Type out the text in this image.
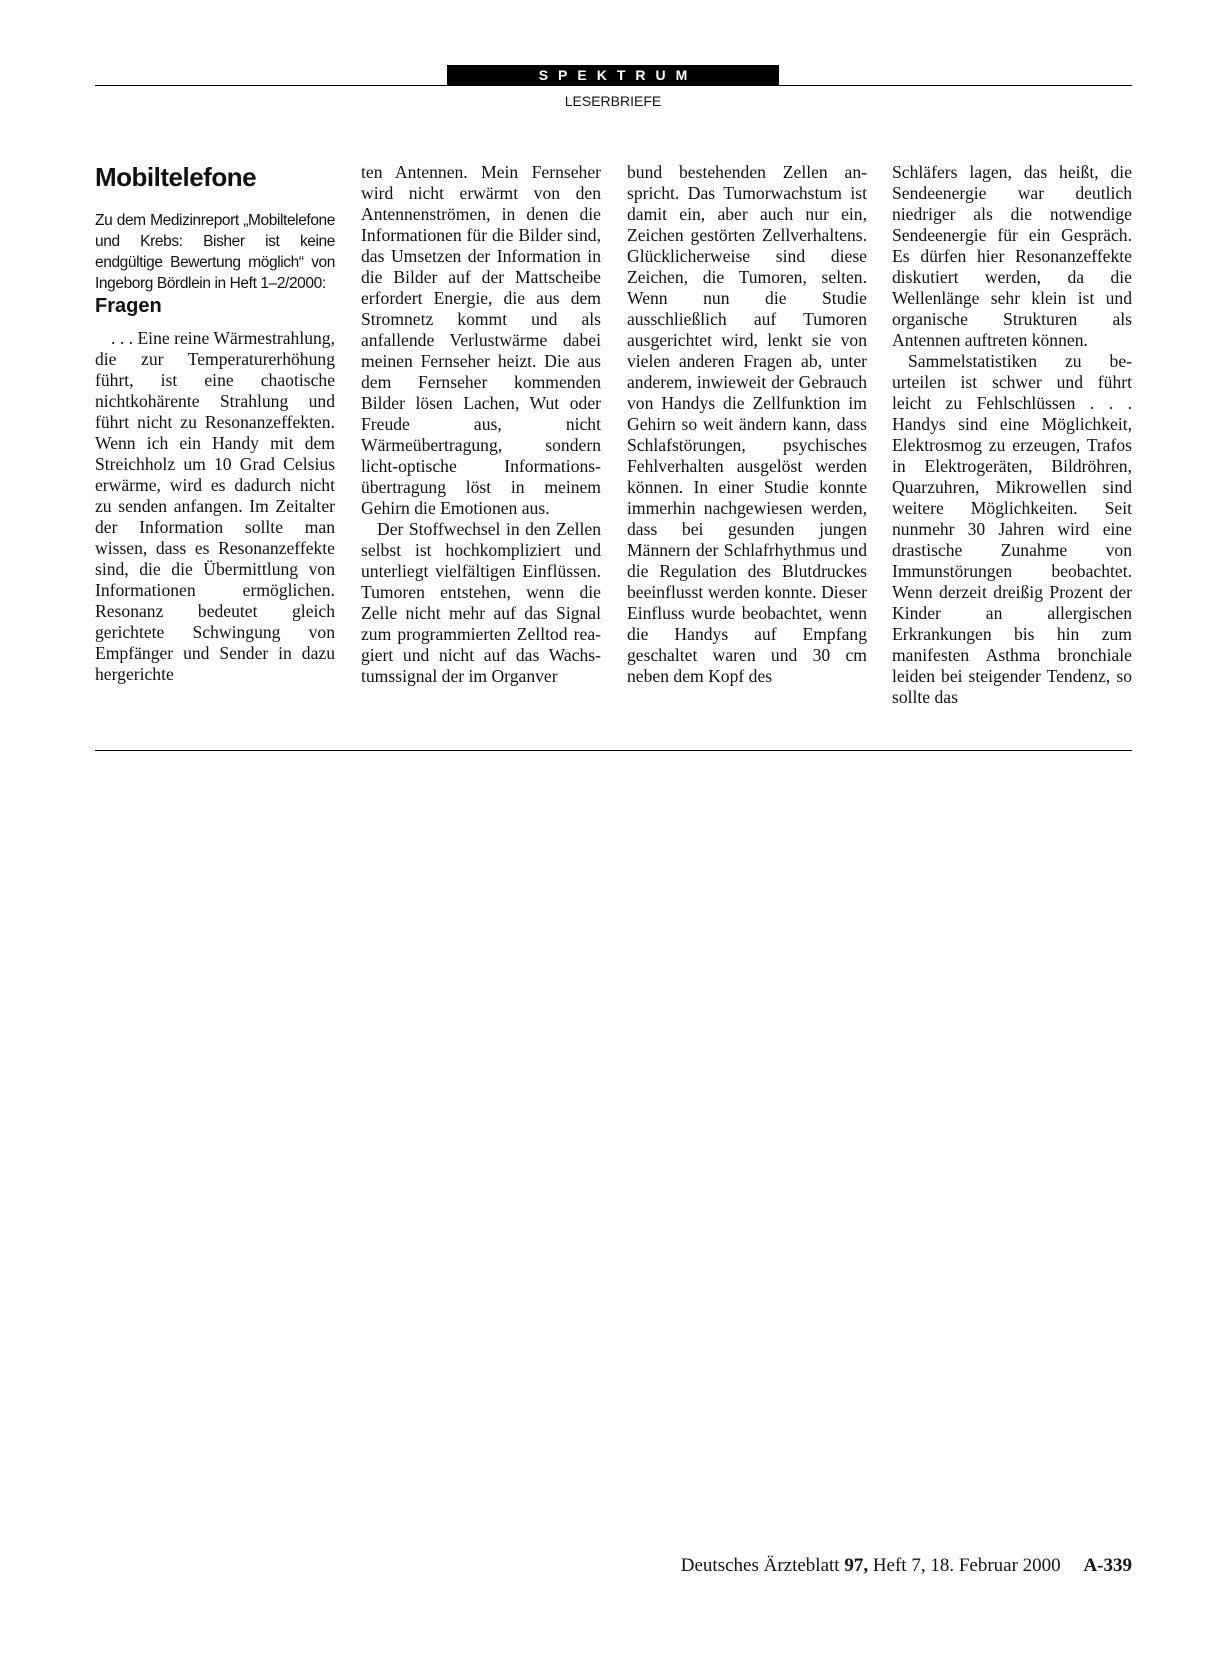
SPEKTRUM
LESERBRIEFE
Mobiltelefone

Zu dem Medizinreport „Mobiltelefone und Krebs: Bisher ist keine endgültige Bewertung möglich“ von Ingeborg Bördlein in Heft 1–2/2000:

Fragen

. . . Eine reine Wärmestrahlung, die zur Temperaturerhöhung führt, ist eine chaotische nichtkohärente Strahlung und führt nicht zu Resonanzeffekten. Wenn ich ein Handy mit dem Streichholz um 10 Grad Celsius erwärme, wird es dadurch nicht zu senden anfangen. Im Zeitalter der Information sollte man wissen, dass es Resonanzeffekte sind, die die Übermittlung von Informationen ermöglichen. Resonanz bedeutet gleich gerichtete Schwingung von Empfänger und Sender in dazu hergerichte

ten Antennen. Mein Fernseher wird nicht erwärmt von den Antennenströmen, in denen die Informationen für die Bilder sind, das Umsetzen der Information in die Bilder auf der Mattscheibe erfordert Energie, die aus dem Stromnetz kommt und als anfallende Verlustwärme dabei meinen Fernseher heizt. Die aus dem Fernseher kommenden Bilder lösen Lachen, Wut oder Freude aus, nicht Wärmeübertragung, sondern licht-optische Informationsübertragung löst in meinem Gehirn die Emotionen aus.

Der Stoffwechsel in den Zellen selbst ist hochkompliziert und unterliegt vielfältigen Einflüssen. Tumoren entstehen, wenn die Zelle nicht mehr auf das Signal zum programmierten Zelltod reagiert und nicht auf das Wachstumssignal der im Organver

bund bestehenden Zellen anspricht. Das Tumorwachstum ist damit ein, aber auch nur ein, Zeichen gestörten Zellverhaltens. Glücklicherweise sind diese Zeichen, die Tumoren, selten. Wenn nun die Studie ausschließlich auf Tumoren ausgerichtet wird, lenkt sie von vielen anderen Fragen ab, unter anderem, inwieweit der Gebrauch von Handys die Zellfunktion im Gehirn so weit ändern kann, dass Schlafstörungen, psychisches Fehlverhalten ausgelöst werden können. In einer Studie konnte immerhin nachgewiesen werden, dass bei gesunden jungen Männern der Schlafrhythmus und die Regulation des Blutdruckes beeinflusst werden konnte. Dieser Einfluss wurde beobachtet, wenn die Handys auf Empfang geschaltet waren und 30 cm neben dem Kopf des

Schläfers lagen, das heißt, die Sendeenergie war deutlich niedriger als die notwendige Sendeenergie für ein Gespräch. Es dürfen hier Resonanzeffekte diskutiert werden, da die Wellenlänge sehr klein ist und organische Strukturen als Antennen auftreten können.

Sammelstatistiken zu beurteilen ist schwer und führt leicht zu Fehlschlüssen . . . Handys sind eine Möglichkeit, Elektrosmog zu erzeugen, Trafos in Elektrogeräten, Bildröhren, Quarzuhren, Mikrowellen sind weitere Möglichkeiten. Seit nunmehr 30 Jahren wird eine drastische Zunahme von Immunstörungen beobachtet. Wenn derzeit dreißig Prozent der Kinder an allergischen Erkrankungen bis hin zum manifesten Asthma bronchiale leiden bei steigender Tendenz, so sollte das

Deutsches Ärzteblatt 97, Heft 7, 18. Februar 2000 A-339
